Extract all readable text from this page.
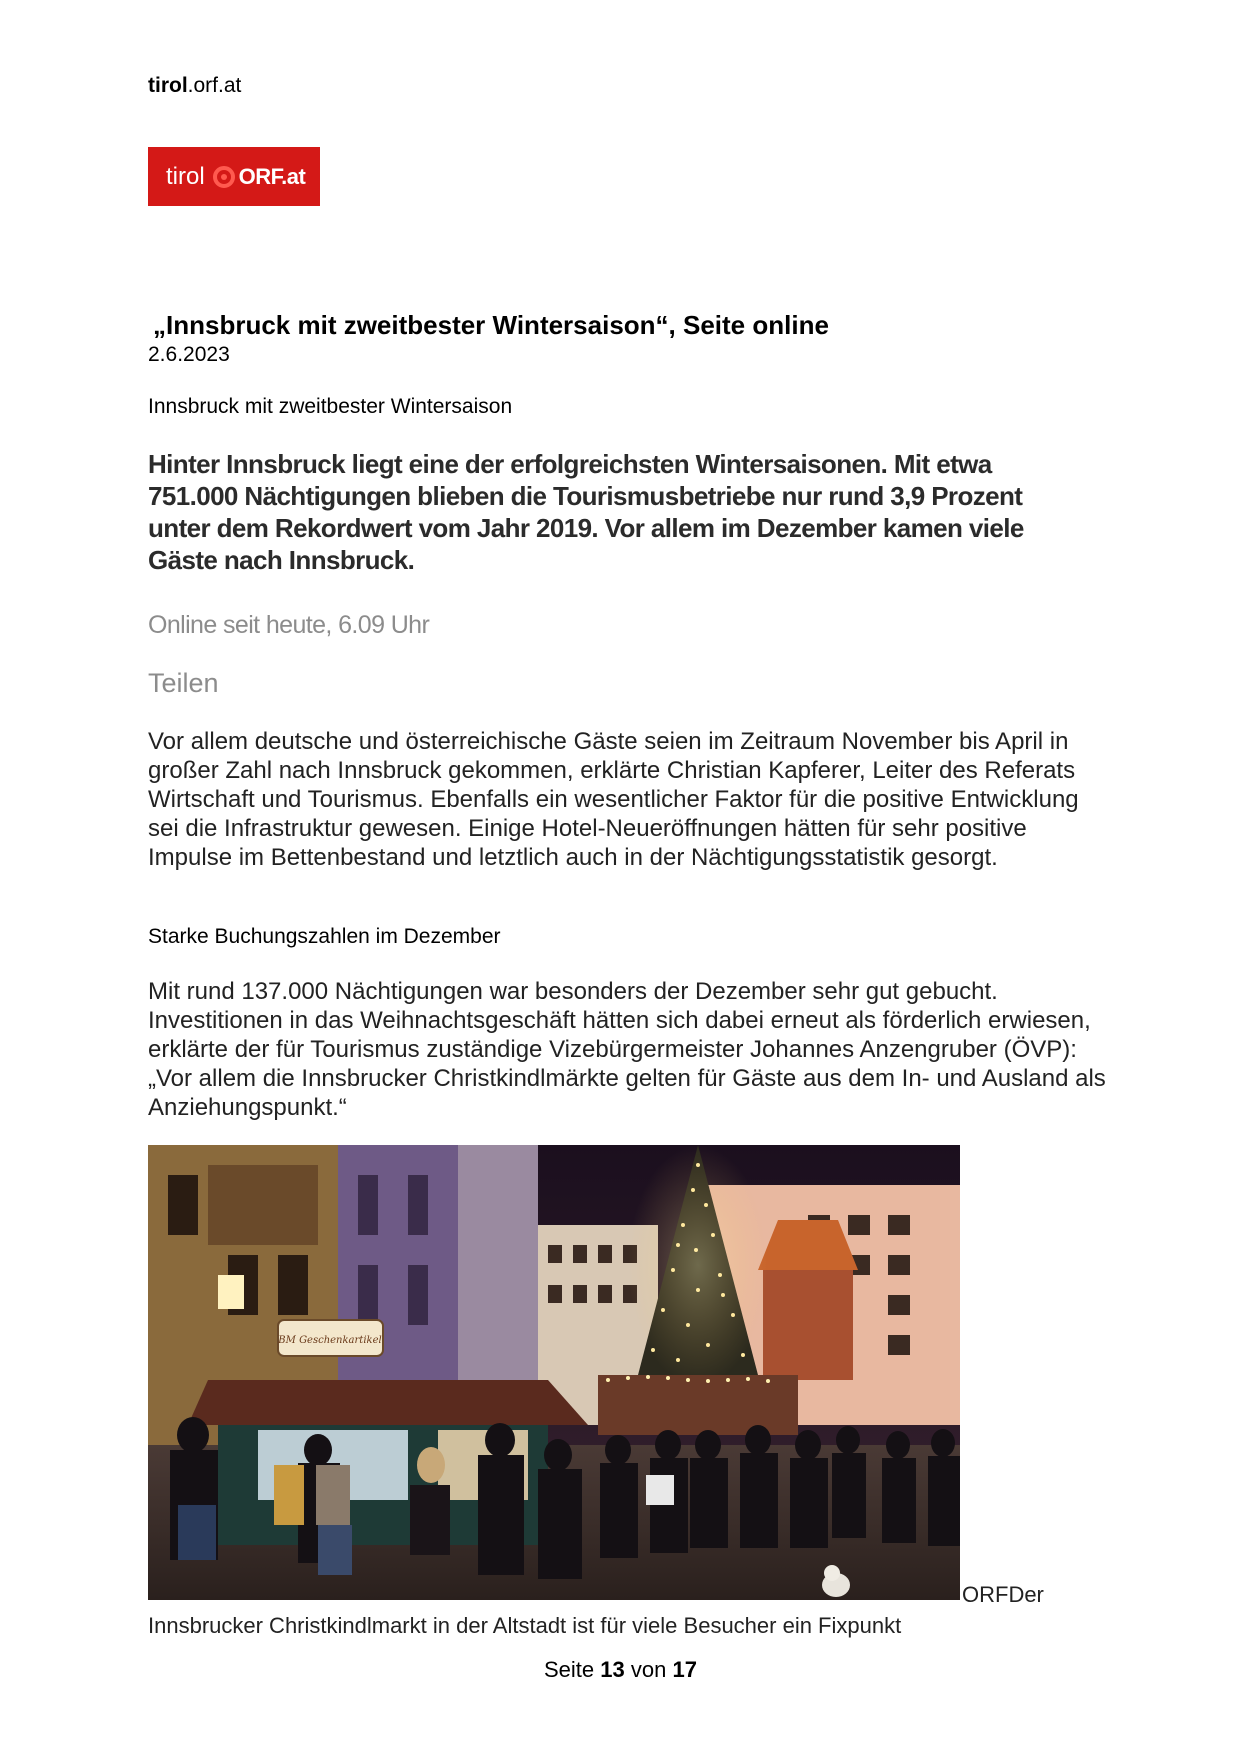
tirol.orf.at
tirol ORF.at
„Innsbruck mit zweitbester Wintersaison“, Seite online
2.6.2023
Innsbruck mit zweitbester Wintersaison
Hinter Innsbruck liegt eine der erfolgreichsten Wintersaisonen. Mit etwa 751.000 Nächtigungen blieben die Tourismusbetriebe nur rund 3,9 Prozent unter dem Rekordwert vom Jahr 2019. Vor allem im Dezember kamen viele Gäste nach Innsbruck.
Online seit heute, 6.09 Uhr
Teilen
Vor allem deutsche und österreichische Gäste seien im Zeitraum November bis April in großer Zahl nach Innsbruck gekommen, erklärte Christian Kapferer, Leiter des Referats Wirtschaft und Tourismus. Ebenfalls ein wesentlicher Faktor für die positive Entwicklung sei die Infrastruktur gewesen. Einige Hotel-Neueröffnungen hätten für sehr positive Impulse im Bettenbestand und letztlich auch in der Nächtigungsstatistik gesorgt.
Starke Buchungszahlen im Dezember
Mit rund 137.000 Nächtigungen war besonders der Dezember sehr gut gebucht. Investitionen in das Weihnachtsgeschäft hätten sich dabei erneut als förderlich erwiesen, erklärte der für Tourismus zuständige Vizebürgermeister Johannes Anzengruber (ÖVP): „Vor allem die Innsbrucker Christkindlmärkte gelten für Gäste aus dem In- und Ausland als Anziehungspunkt.“
BM Geschenkartikel
ORFDer
Innsbrucker Christkindlmarkt in der Altstadt ist für viele Besucher ein Fixpunkt
Seite 13 von 17
